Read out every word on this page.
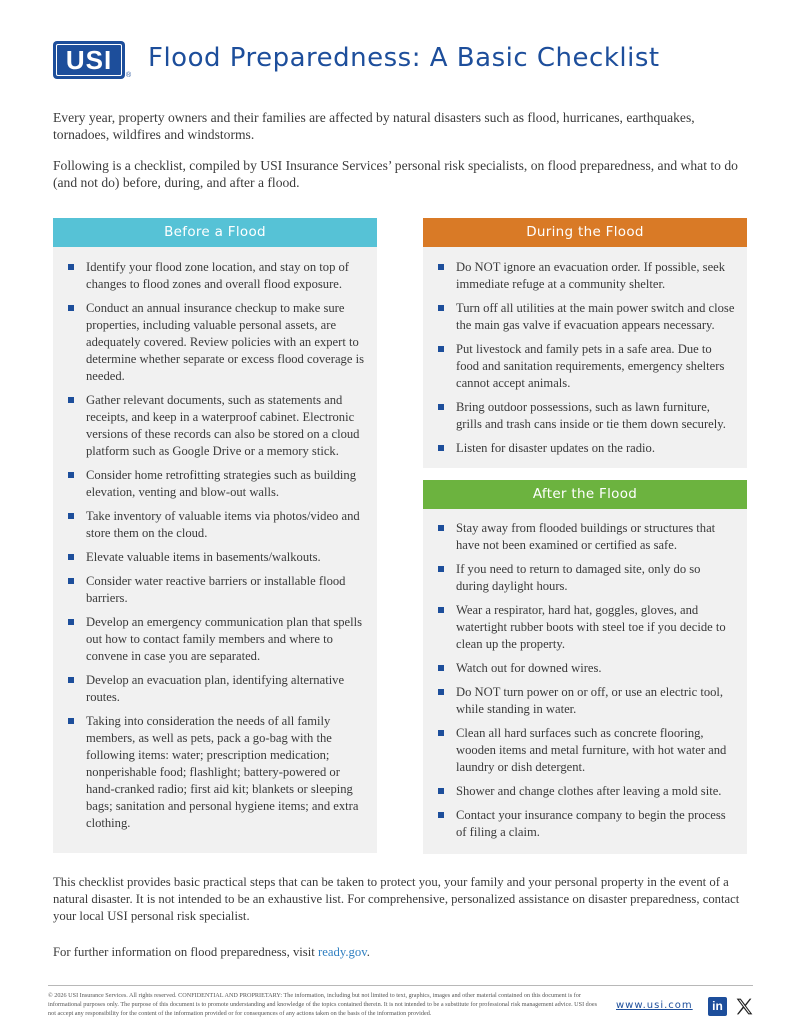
USI
®
Flood Preparedness: A Basic Checklist

Every year, property owners and their families are affected by natural disasters such as flood, hurricanes, earthquakes, tornadoes, wildfires and windstorms.

Following is a checklist, compiled by USI Insurance Services’ personal risk specialists, on flood preparedness, and what to do (and not do) before, during, and after a flood.

Before a Flood
Identify your flood zone location, and stay on top of changes to flood zones and overall flood exposure.
Conduct an annual insurance checkup to make sure properties, including valuable personal assets, are adequately covered. Review policies with an expert to determine whether separate or excess flood coverage is needed.
Gather relevant documents, such as statements and receipts, and keep in a waterproof cabinet. Electronic versions of these records can also be stored on a cloud platform such as Google Drive or a memory stick.
Consider home retrofitting strategies such as building elevation, venting and blow-out walls.
Take inventory of valuable items via photos/video and store them on the cloud.
Elevate valuable items in basements/walkouts.
Consider water reactive barriers or installable flood barriers.
Develop an emergency communication plan that spells out how to contact family members and where to convene in case you are separated.
Develop an evacuation plan, identifying alternative routes.
Taking into consideration the needs of all family members, as well as pets, pack a go-bag with the following items: water; prescription medication; nonperishable food; flashlight; battery-powered or hand-cranked radio; first aid kit; blankets or sleeping bags; sanitation and personal hygiene items; and extra clothing.
During the Flood
Do NOT ignore an evacuation order. If possible, seek immediate refuge at a community shelter.
Turn off all utilities at the main power switch and close the main gas valve if evacuation appears necessary.
Put livestock and family pets in a safe area. Due to food and sanitation requirements, emergency shelters cannot accept animals.
Bring outdoor possessions, such as lawn furniture, grills and trash cans inside or tie them down securely.
Listen for disaster updates on the radio.
After the Flood
Stay away from flooded buildings or structures that have not been examined or certified as safe.
If you need to return to damaged site, only do so during daylight hours.
Wear a respirator, hard hat, goggles, gloves, and watertight rubber boots with steel toe if you decide to clean up the property.
Watch out for downed wires.
Do NOT turn power on or off, or use an electric tool, while standing in water.
Clean all hard surfaces such as concrete flooring, wooden items and metal furniture, with hot water and laundry or dish detergent.
Shower and change clothes after leaving a mold site.
Contact your insurance company to begin the process of filing a claim.

This checklist provides basic practical steps that can be taken to protect you, your family and your personal property in the event of a natural disaster. It is not intended to be an exhaustive list. For comprehensive, personalized assistance on disaster preparedness, contact your local USI personal risk specialist.

For further information on flood preparedness, visit ready.gov.

© 2026 USI Insurance Services. All rights reserved. CONFIDENTIAL AND PROPRIETARY: The information, including but not limited to text, graphics, images and other material contained on this document is for informational purposes only. The purpose of this document is to promote understanding and knowledge of the topics contained therein. It is not intended to be a substitute for professional risk management advice. USI does not accept any responsibility for the content of the information provided or for consequences of any actions taken on the basis of the information provided.

www.usi.com	in
